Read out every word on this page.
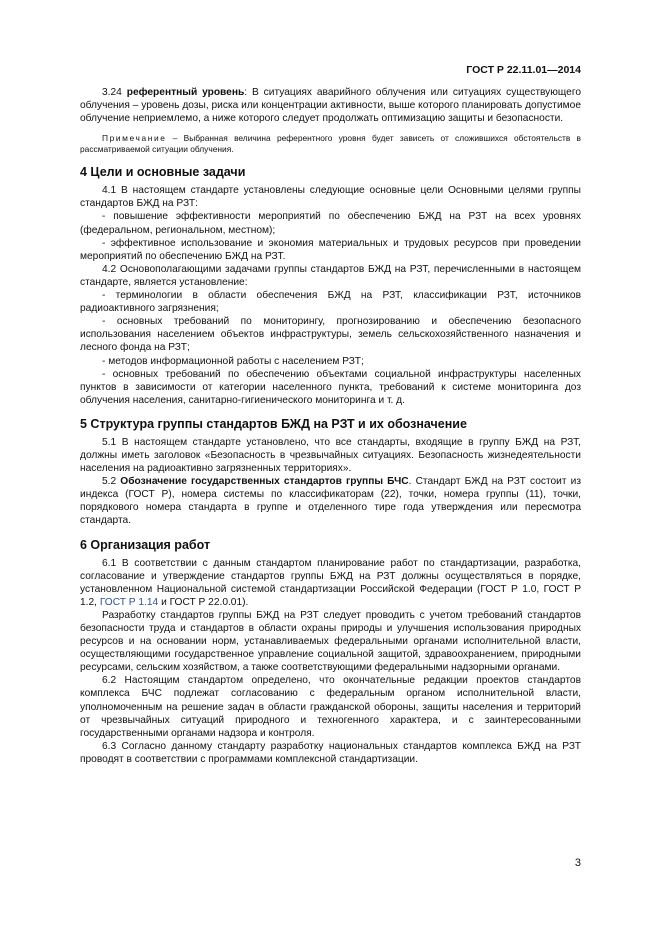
ГОСТ Р 22.11.01—2014

3.24 референтный уровень: В ситуациях аварийного облучения или ситуациях существующего облучения – уровень дозы, риска или концентрации активности, выше которого планировать допустимое облучение неприемлемо, а ниже которого следует продолжать оптимизацию защиты и безопасности.

Примечание – Выбранная величина референтного уровня будет зависеть от сложившихся обстоятельств в рассматриваемой ситуации облучения.

4 Цели и основные задачи

4.1 В настоящем стандарте установлены следующие основные цели Основными целями группы стандартов БЖД на РЗТ:

- повышение эффективности мероприятий по обеспечению БЖД на РЗТ на всех уровнях (федеральном, региональном, местном);

- эффективное использование и экономия материальных и трудовых ресурсов при проведении мероприятий по обеспечению БЖД на РЗТ.

4.2 Основополагающими задачами группы стандартов БЖД на РЗТ, перечисленными в настоящем стандарте, является установление:

- терминологии в области обеспечения БЖД на РЗТ, классификации РЗТ, источников радиоактивного загрязнения;

- основных требований по мониторингу, прогнозированию и обеспечению безопасного использования населением объектов инфраструктуры, земель сельскохозяйственного назначения и лесного фонда на РЗТ;

- методов информационной работы с населением РЗТ;

- основных требований по обеспечению объектами социальной инфраструктуры населенных пунктов в зависимости от категории населенного пункта, требований к системе мониторинга доз облучения населения, санитарно-гигиенического мониторинга и т. д.

5 Структура группы стандартов БЖД на РЗТ и их обозначение

5.1 В настоящем стандарте установлено, что все стандарты, входящие в группу БЖД на РЗТ, должны иметь заголовок «Безопасность в чрезвычайных ситуациях. Безопасность жизнедеятельности населения на радиоактивно загрязненных территориях».

5.2 Обозначение государственных стандартов группы БЧС. Стандарт БЖД на РЗТ состоит из индекса (ГОСТ Р), номера системы по классификаторам (22), точки, номера группы (11), точки, порядкового номера стандарта в группе и отделенного тире года утверждения или пересмотра стандарта.

6 Организация работ

6.1 В соответствии с данным стандартом планирование работ по стандартизации, разработка, согласование и утверждение стандартов группы БЖД на РЗТ должны осуществляться в порядке, установленном Национальной системой стандартизации Российской Федерации (ГОСТ Р 1.0, ГОСТ Р 1.2, ГОСТ Р 1.14 и ГОСТ Р 22.0.01).

Разработку стандартов группы БЖД на РЗТ следует проводить с учетом требований стандартов безопасности труда и стандартов в области охраны природы и улучшения использования природных ресурсов и на основании норм, устанавливаемых федеральными органами исполнительной власти, осуществляющими государственное управление социальной защитой, здравоохранением, природными ресурсами, сельским хозяйством, а также соответствующими федеральными надзорными органами.

6.2 Настоящим стандартом определено, что окончательные редакции проектов стандартов комплекса БЧС подлежат согласованию с федеральным органом исполнительной власти, уполномоченным на решение задач в области гражданской обороны, защиты населения и территорий от чрезвычайных ситуаций природного и техногенного характера, и с заинтересованными государственными органами надзора и контроля.

6.3 Согласно данному стандарту разработку национальных стандартов комплекса БЖД на РЗТ проводят в соответствии с программами комплексной стандартизации.

3
